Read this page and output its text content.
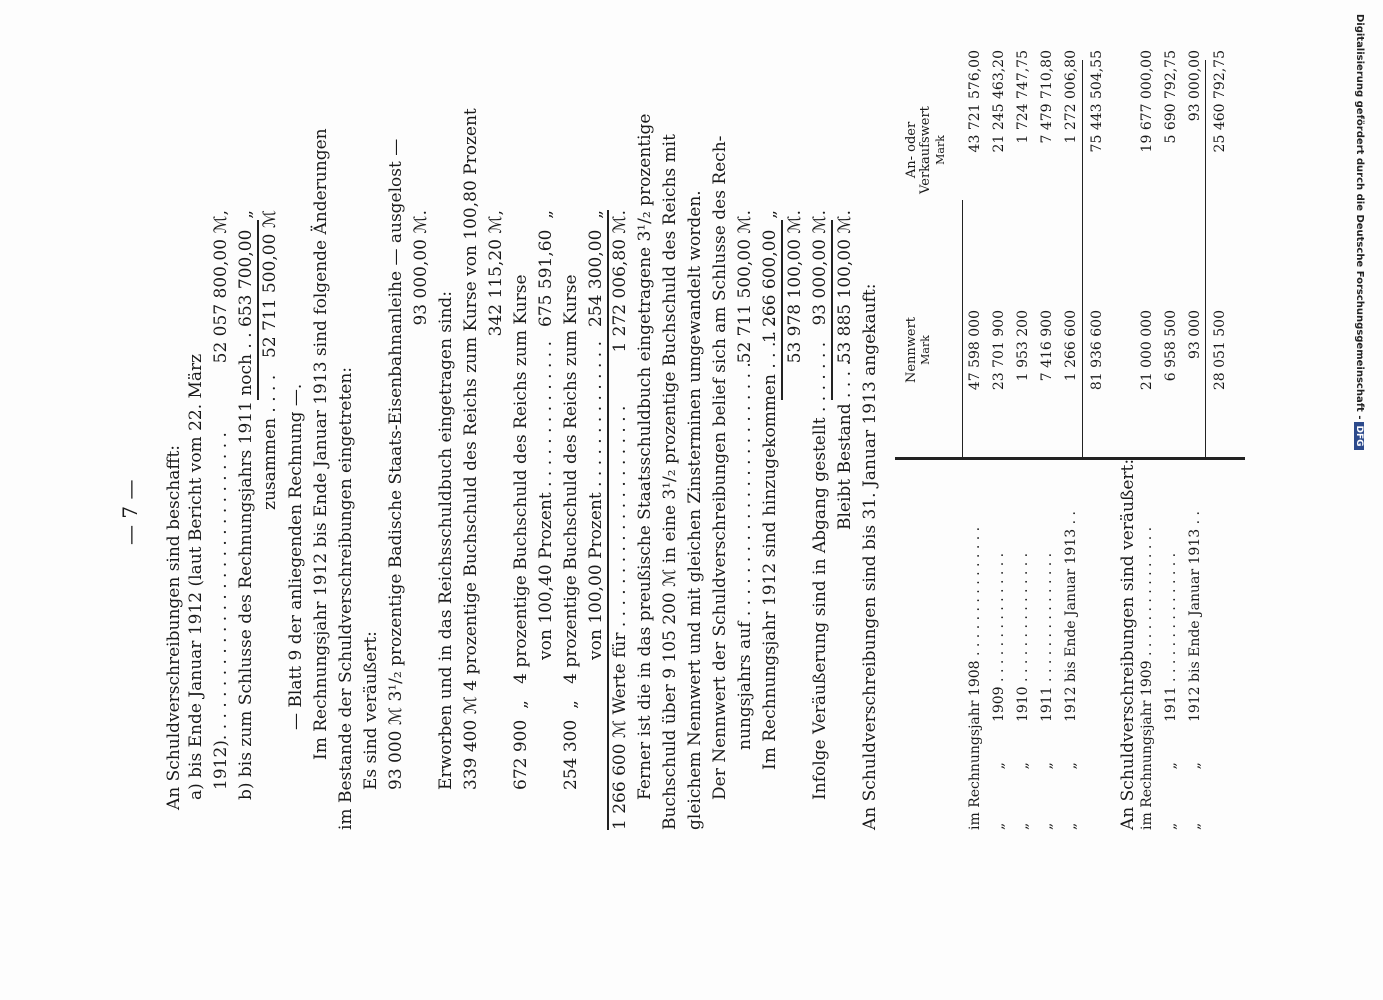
— 7 — An Schuldverschreibungen sind beschafft: a) bis Ende Januar 1912 (laut Bericht vom 22. März 1912). . . . . . . . . . . . . . . . . . . . . . . . . . . . .
52 057 800,00 ℳ,
b) bis zum Schlusse des Rechnungsjahrs 1911 noch . .
653 700,00  „
zusammen . . . .
52 711 500,00 ℳ
— Blatt 9 der anliegenden Rechnung —. Im Rechnungsjahr 1912 bis Ende Januar 1913 sind folgende Änderungen im Bestande der Schuldverschreibungen eingetreten: Es sind veräußert: 93 000 ℳ 3¹/₂ prozentige Badische Staats-Eisenbahnanleihe — ausgelost — 93 000,00 ℳ.
Erworben und in das Reichsschuldbuch eingetragen sind: 339 400 ℳ 4 prozentige Buchschuld des Reichs zum Kurse von 100,80 Prozent 342 115,20 ℳ,
672 900  „   4 prozentige Buchschuld des Reichs zum Kurse von 100,40 Prozent . . . . . . . . . . . . . .
675 591,60  „
254 300  „   4 prozentige Buchschuld des Reichs zum Kurse von 100,00 Prozent . . . . . . . . . . . . . .
254 300,00  „
1 266 600 ℳ Werte für . . . . . . . . . . . . . . . . . . . . .
1 272 006,80 ℳ. Ferner ist die in das preußische Staatsschuldbuch eingetragene 3¹/₂ prozentige Buchschuld über 9 105 200 ℳ in eine 3¹/₂ prozentige Buchschuld des Reichs mit gleichem Nennwert und mit gleichen Zinsterminen umgewandelt worden. Der Nennwert der Schuldverschreibungen belief sich am Schlusse des Rech- nungsjahrs auf . . . . . . . . . . . . . . . . . . . . . . . .
52 711 500,00 ℳ.
Im Rechnungsjahr 1912 sind hinzugekommen . . . . . .
1 266 600,00  „ 53 978 100,00 ℳ.
Infolge Veräußerung sind in Abgang gestellt . . . . . . .
93 000,00 ℳ.
Bleibt Bestand . . . .
53 885 100,00 ℳ. An Schuldverschreibungen sind bis 31. Januar 1913 angekauft: Nennwert
Mark
An- oder Verkaufswert
Mark
im Rechnungsjahr 1908 . . . . . . . . . . . . . . .
47 598 000
43 721 576,00
„            „         1909 . . . . . . . . . . . . . . .
23 701 900
21 245 463,20
„            „         1910 . . . . . . . . . . . . . . .
1 953 200
1 724 747,75
„            „         1911 . . . . . . . . . . . . . . .
7 416 900
7 479 710,80
„            „         1912 bis Ende Januar 1913 . .
1 266 600
1 272 006,80
81 936 600
75 443 504,55
An Schuldverschreibungen sind veräußert: im Rechnungsjahr 1909 . . . . . . . . . . . . . . .
21 000 000
19 677 000,00
„            „         1911 . . . . . . . . . . . . . . .
6 958 500
5 690 792,75
„            „         1912 bis Ende Januar 1913 . .
93 000
93 000,00
28 051 500
25 460 792,75	Digitalisierung gefördert durch die Deutsche Forschungsgemeinschaft -DFG
